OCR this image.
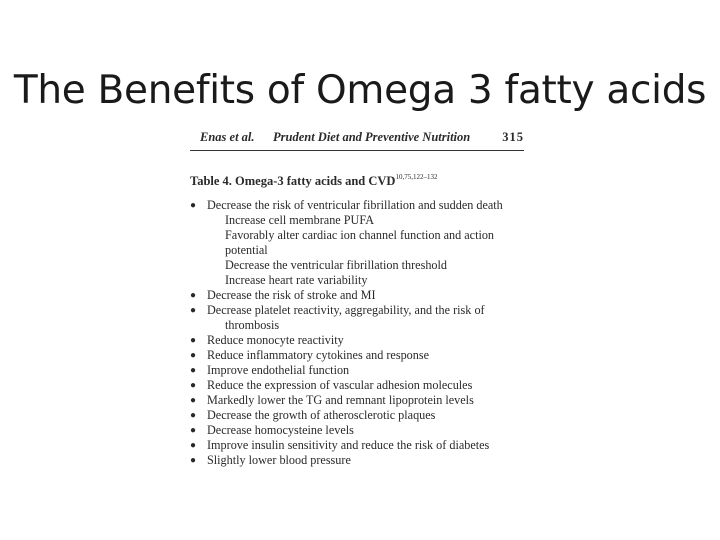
The Benefits of Omega 3 fatty acids
Enas et al. Prudent Diet and Preventive Nutrition	315
Table 4. Omega-3 fatty acids and CVD$^{10,75,122-132}$
● Decrease the risk of ventricular fibrillation and sudden death
Increase cell membrane PUFA
Favorably alter cardiac ion channel function and action
potential
Decrease the ventricular fibrillation threshold
Increase heart rate variability
● Decrease the risk of stroke and MI
● Decrease platelet reactivity, aggregability, and the risk of
thrombosis
● Reduce monocyte reactivity
● Reduce inflammatory cytokines and response
● Improve endothelial function
● Reduce the expression of vascular adhesion molecules
● Markedly lower the TG and remnant lipoprotein levels
● Decrease the growth of atherosclerotic plaques
● Decrease homocysteine levels
● Improve insulin sensitivity and reduce the risk of diabetes
● Slightly lower blood pressure
